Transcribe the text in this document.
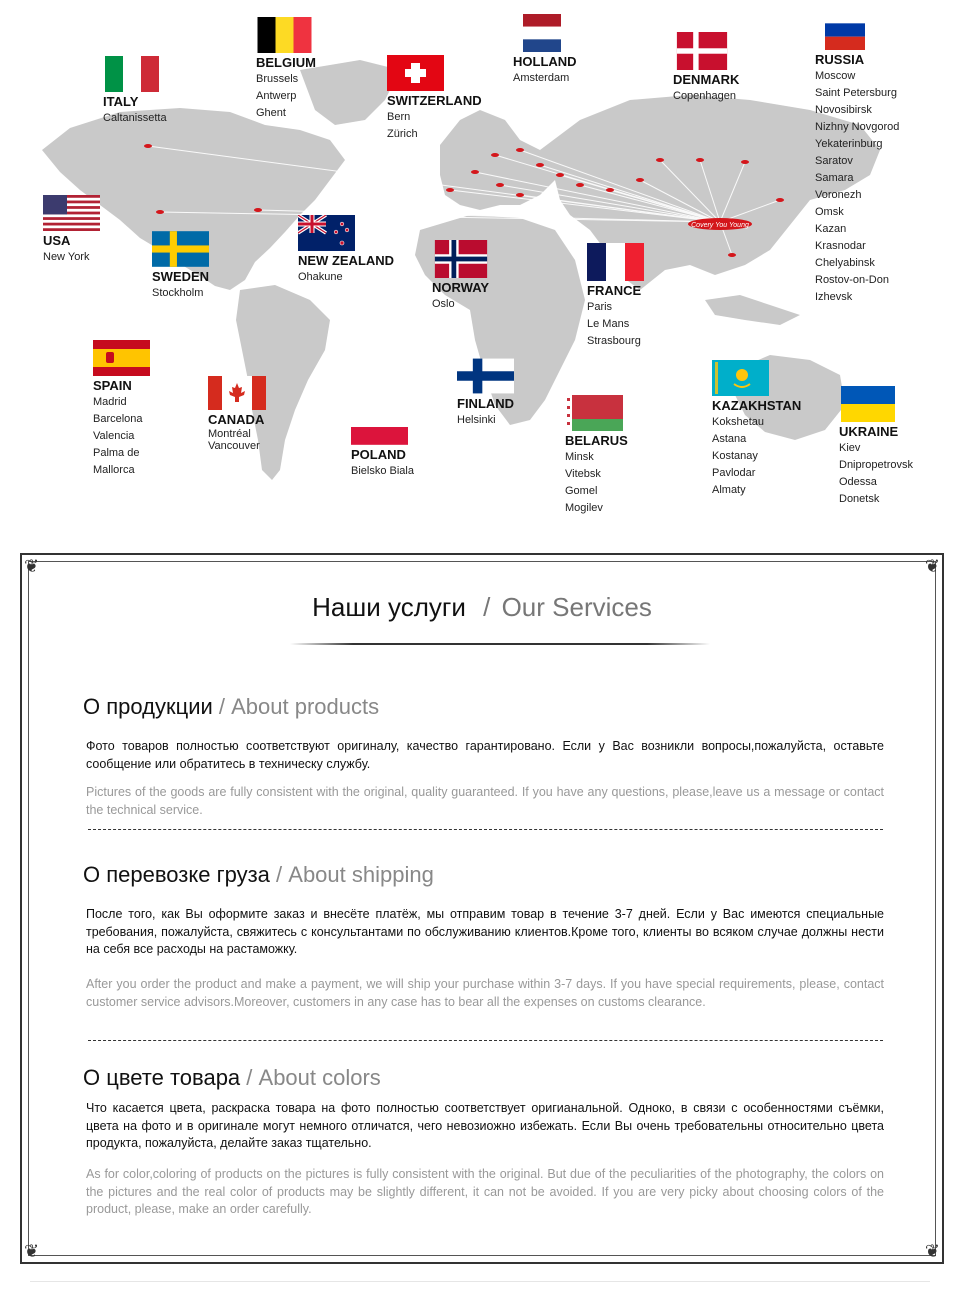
Covery You Young
ITALY
Caltanissetta
BELGIUM
Brussels
Antwerp
Ghent
SWITZERLAND
Bern
Zürich
HOLLAND
Amsterdam	DENMARK
Copenhagen
RUSSIA
Moscow
Saint Petersburg
Novosibirsk
Nizhny Novgorod
Yekaterinburg
Saratov
Samara
Voronezh
Omsk
Kazan
Krasnodar
Chelyabinsk
Rostov-on-Don
Izhevsk
USA
New York
SWEDEN
Stockholm
NEW ZEALAND
Ohakune
NORWAY
Oslo
FRANCE
Paris
Le Mans
Strasbourg
SPAIN
Madrid
Barcelona
Valencia
Palma de
Mallorca
CANADA
Montréal
Vancouver
POLAND
Bielsko Biala
FINLAND
Helsinki
BELARUS
Minsk
Vitebsk
Gomel
Mogilev
KAZAKHSTAN
Kokshetau
Astana
Kostanay
Pavlodar
Almaty
UKRAINE
Kiev
Dnipropetrovsk
Odessa
Donetsk
❦	❦
❦	❦
Наши услуги / Our Services
О продукции / About products
Фото товаров полностью соответствуют оригиналу, качество гарантировано. Если у Вас возникли вопросы,пожалуйста, оставьте сообщение или обратитесь в техническу службу.
Pictures of the goods are fully consistent with the original, quality guaranteed. If you have any questions, please,leave us a message or contact the technical service.
О перевозке груза / About shipping
После того, как Вы оформите заказ и внесёте платёж, мы отправим товар в течение 3-7 дней. Если у Вас имеются специальные требования, пожалуйста, свяжитесь с консультантами по обслуживанию клиентов.Кроме того, клиенты во всяком случае должны нести на себя все расходы на растаможку.
After you order the product and make a payment, we will ship your purchase within 3-7 days. If you have special requirements, please, contact customer service advisors.Moreover, customers in any case has to bear all the expenses on customs clearance.
О цвете товара / About colors
Что касается цвета, раскраска товара на фото полностью соответствует оригианальной. Одноко, в связи с особенностями съёмки, цвета на фото и в оригинале могут немного отличатся, чего невозиожно избежать. Если Вы очень требовательны относительно цвета продукта, пожалуйста, делайте заказ тщательно.
As for color,coloring of products on the pictures is fully consistent with the original. But due of the peculiarities of the photography, the colors on the pictures and the real color of products may be slightly different, it can not be avoided. If you are very picky about choosing colors of the product, please, make an order carefully.
